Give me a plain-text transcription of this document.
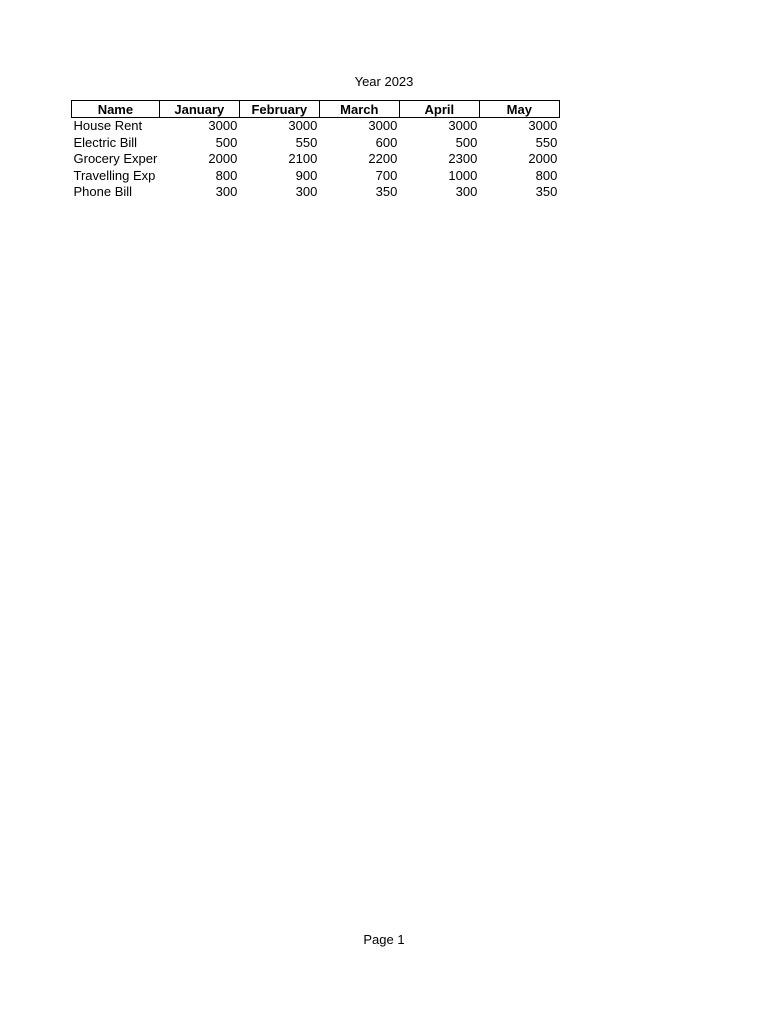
Year 2023
Name	January	February	March	April	May
House Rent	3000	3000	3000	3000	3000
Electric Bill	500	550	600	500	550
Grocery Exper	2000	2100	2200	2300	2000
Travelling Exp	800	900	700	1000	800
Phone Bill	300	300	350	300	350
Page 1
